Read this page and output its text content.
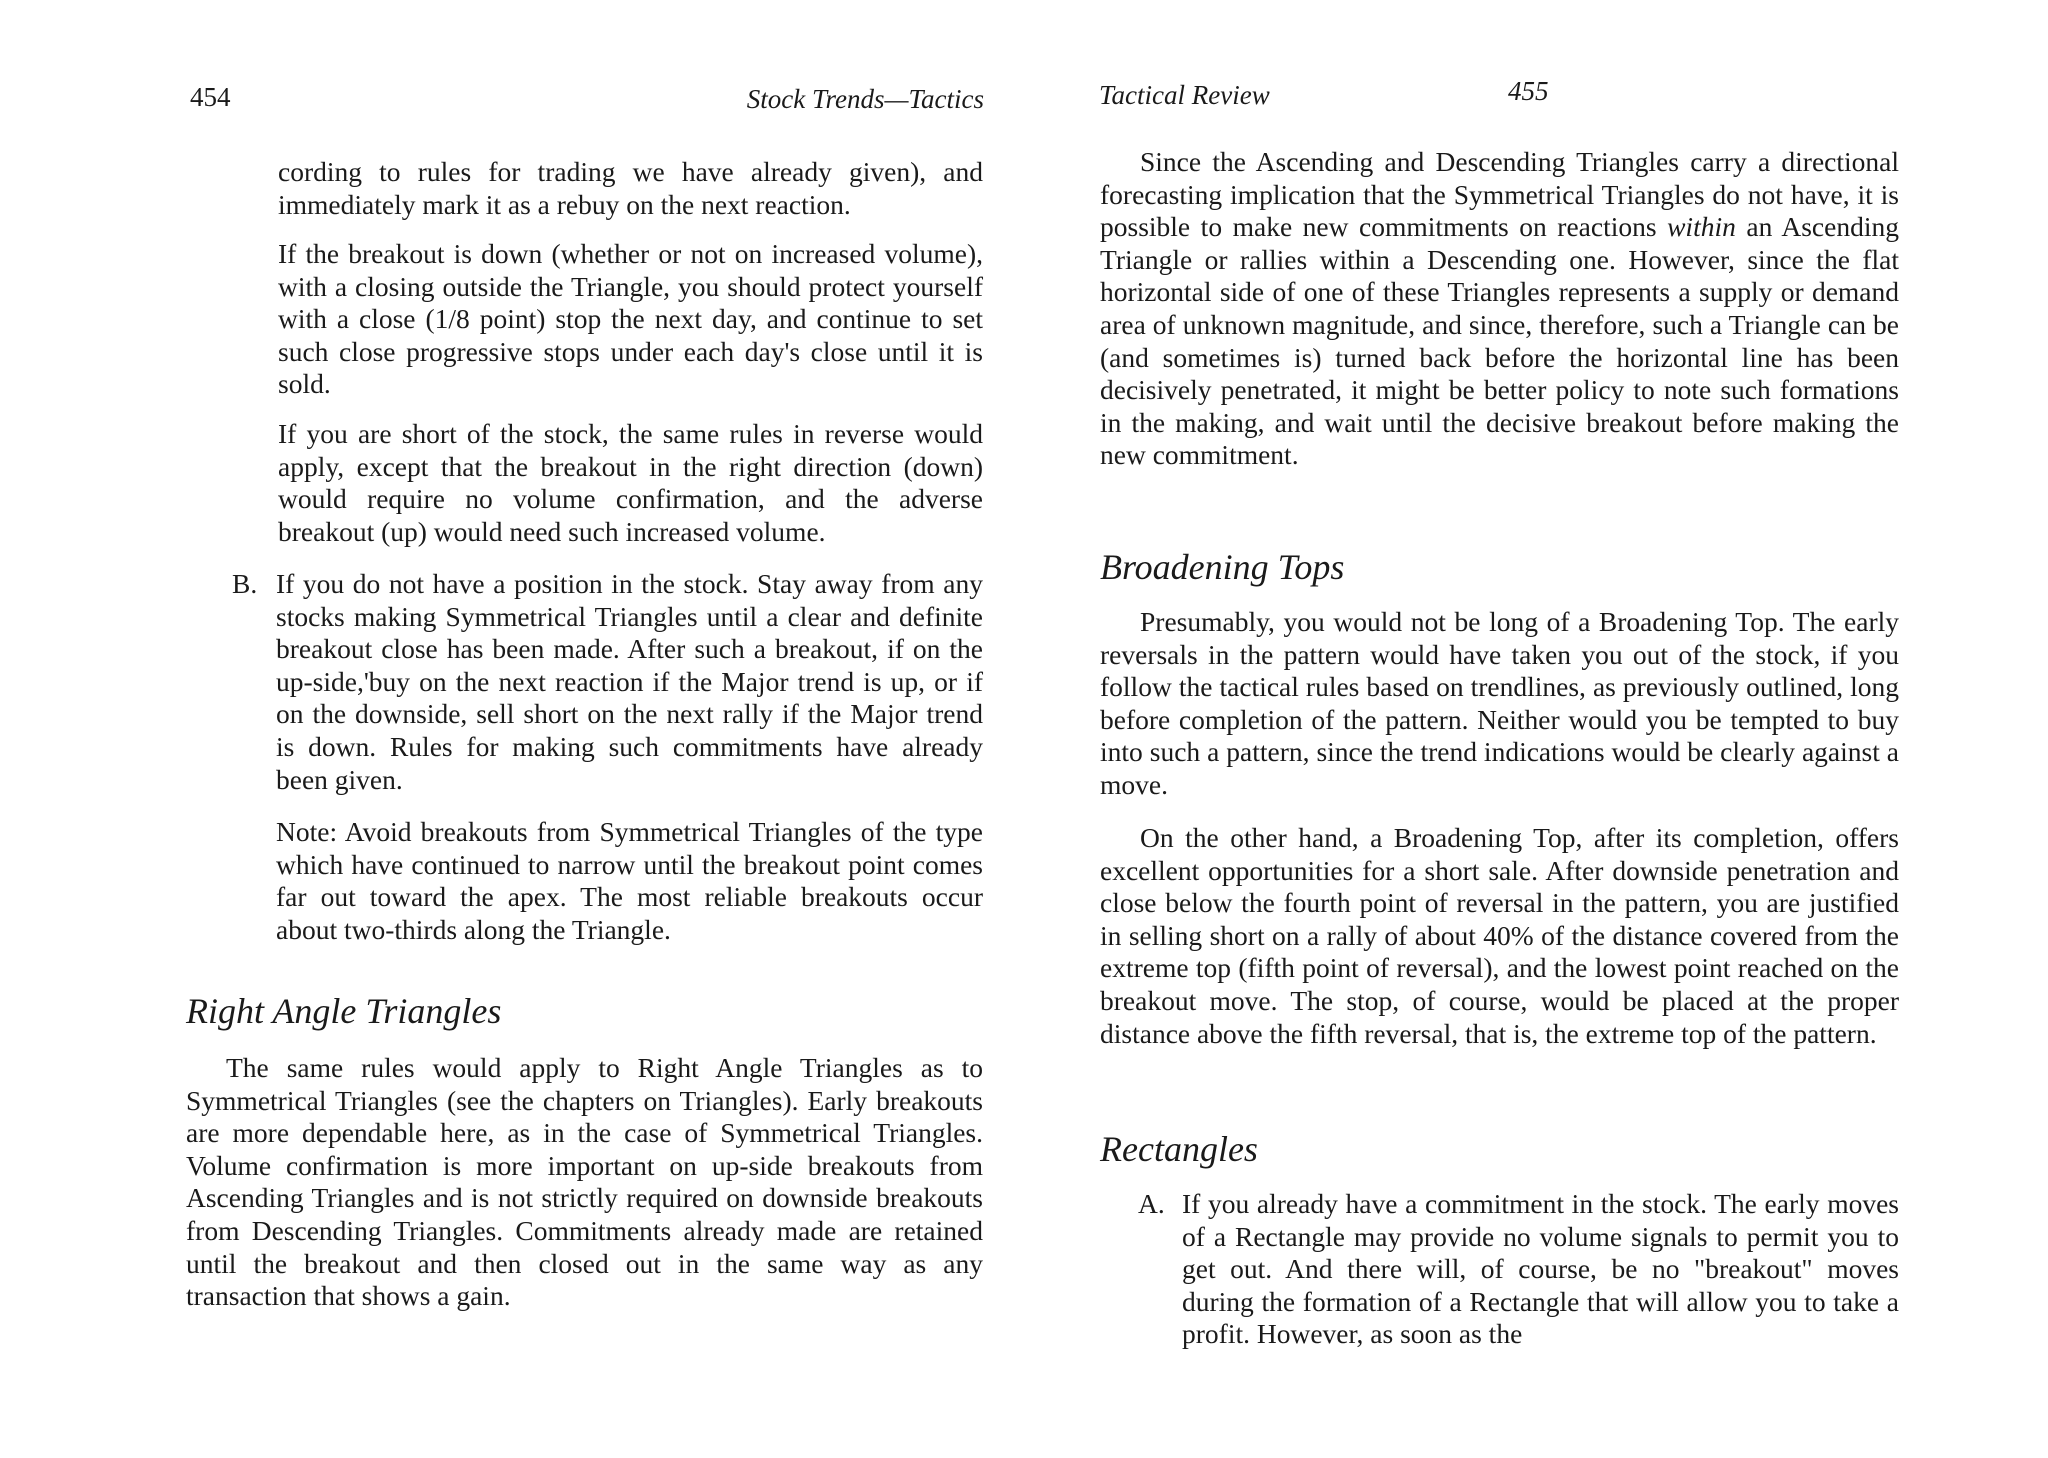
454	Stock Trends—Tactics

cording to rules for trading we have already given), and immediately mark it as a rebuy on the next reaction.

If the breakout is down (whether or not on increased volume), with a closing outside the Triangle, you should protect yourself with a close (1/8 point) stop the next day, and continue to set such close progressive stops under each day's close until it is sold.

If you are short of the stock, the same rules in reverse would apply, except that the breakout in the right direction (down) would require no volume confirmation, and the adverse breakout (up) would need such increased volume.

B. If you do not have a position in the stock. Stay away from any stocks making Symmetrical Triangles until a clear and definite breakout close has been made. After such a breakout, if on the up-side,'buy on the next reaction if the Major trend is up, or if on the downside, sell short on the next rally if the Major trend is down. Rules for making such commitments have already been given.

Note: Avoid breakouts from Symmetrical Triangles of the type which have continued to narrow until the breakout point comes far out toward the apex. The most reliable breakouts occur about two-thirds along the Triangle.

Right Angle Triangles

The same rules would apply to Right Angle Triangles as to Symmetrical Triangles (see the chapters on Triangles). Early breakouts are more dependable here, as in the case of Symmetrical Triangles. Volume confirmation is more important on up-side breakouts from Ascending Triangles and is not strictly required on downside breakouts from Descending Triangles. Commitments already made are retained until the breakout and then closed out in the same way as any transaction that shows a gain.

Tactical Review	455

Since the Ascending and Descending Triangles carry a directional forecasting implication that the Symmetrical Triangles do not have, it is possible to make new commitments on reactions within an Ascending Triangle or rallies within a Descending one. However, since the flat horizontal side of one of these Triangles represents a supply or demand area of unknown magnitude, and since, therefore, such a Triangle can be (and sometimes is) turned back before the horizontal line has been decisively penetrated, it might be better policy to note such formations in the making, and wait until the decisive breakout before making the new commitment.

Broadening Tops

Presumably, you would not be long of a Broadening Top. The early reversals in the pattern would have taken you out of the stock, if you follow the tactical rules based on trendlines, as previously outlined, long before completion of the pattern. Neither would you be tempted to buy into such a pattern, since the trend indications would be clearly against a move.

On the other hand, a Broadening Top, after its completion, offers excellent opportunities for a short sale. After downside penetration and close below the fourth point of reversal in the pattern, you are justified in selling short on a rally of about 40% of the distance covered from the extreme top (fifth point of reversal), and the lowest point reached on the breakout move. The stop, of course, would be placed at the proper distance above the fifth reversal, that is, the extreme top of the pattern.

Rectangles
A. If you already have a commitment in the stock. The early moves of a Rectangle may provide no volume signals to permit you to get out. And there will, of course, be no "breakout" moves during the formation of a Rectangle that will allow you to take a profit. However, as soon as the
